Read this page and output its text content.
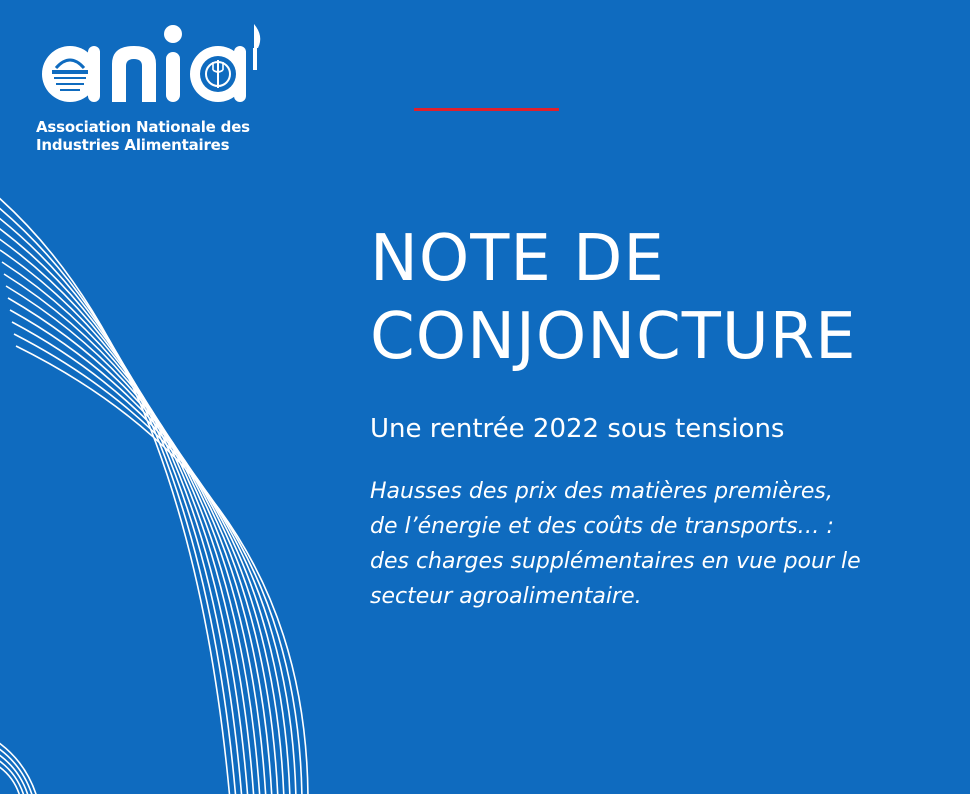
Association Nationale des
Industries Alimentaires
NOTE DE
CONJONCTURE
Une rentrée 2022 sous tensions

Hausses des prix des matières premières,
de l’énergie et des coûts de transports… :
des charges supplémentaires en vue pour le
secteur agroalimentaire.
